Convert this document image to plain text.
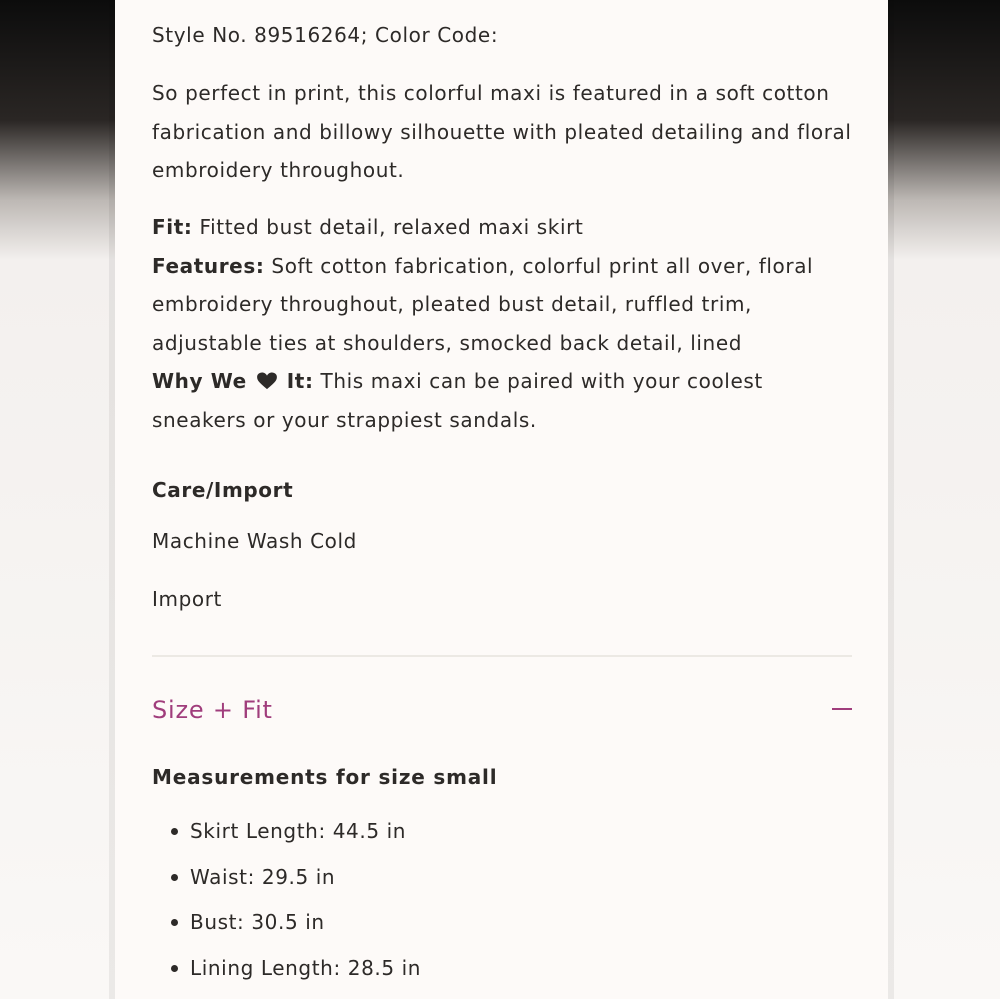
Style No. 89516264; Color Code:

So perfect in print, this colorful maxi is featured in a soft cotton fabrication and billowy silhouette with pleated detailing and floral embroidery throughout.

Fit: Fitted bust detail, relaxed maxi skirt

Features: Soft cotton fabrication, colorful print all over, floral embroidery throughout, pleated bust detail, ruffled trim, adjustable ties at shoulders, smocked back detail, lined

Why We It: This maxi can be paired with your coolest sneakers or your strappiest sandals.

Care/Import

Machine Wash Cold

Import

Size + Fit
Measurements for size small
Skirt Length: 44.5 in
Waist: 29.5 in
Bust: 30.5 in
Lining Length: 28.5 in
